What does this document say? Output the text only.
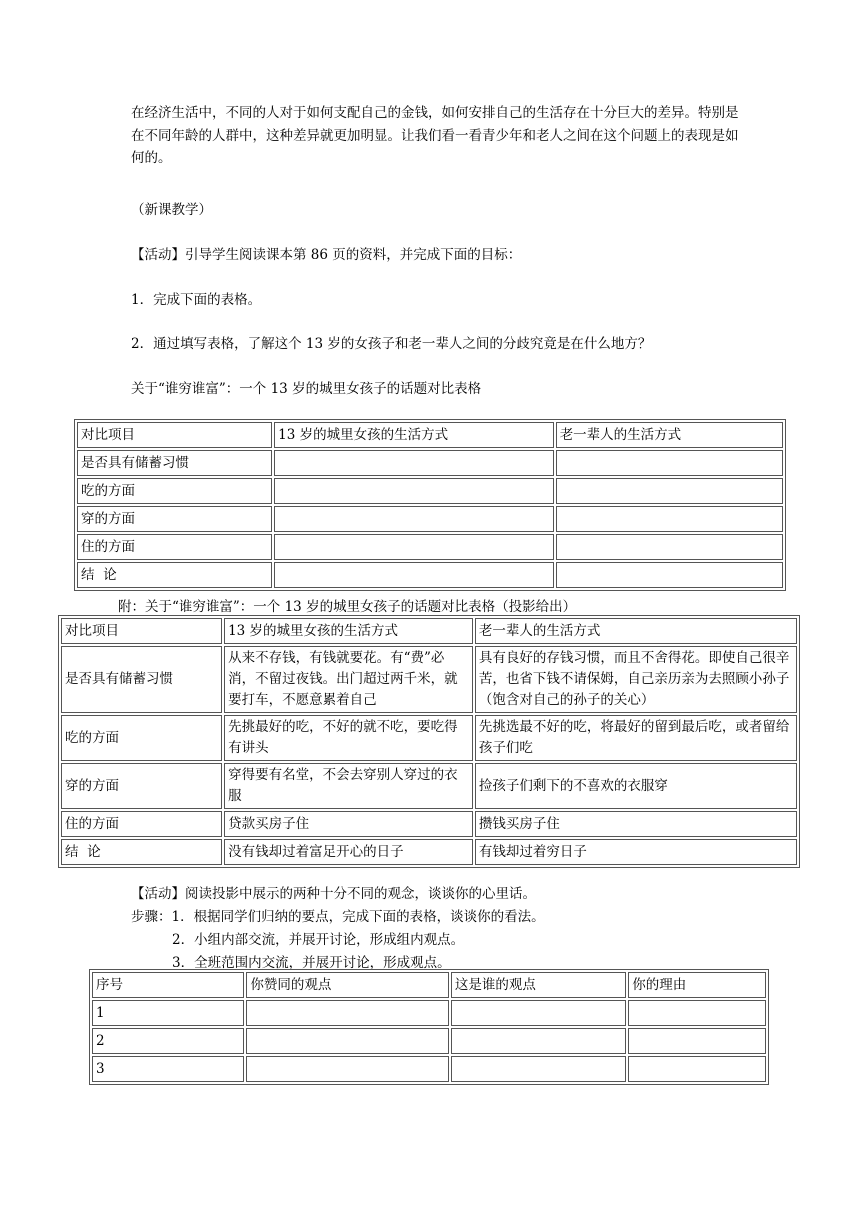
在经济生活中，不同的人对于如何支配自己的金钱，如何安排自己的生活存在十分巨大的差异。特别是在不同年龄的人群中，这种差异就更加明显。让我们看一看青少年和老人之间在这个问题上的表现是如何的。

（新课教学）

【活动】引导学生阅读课本第 86 页的资料，并完成下面的目标：

1．完成下面的表格。

2．通过填写表格，了解这个 13 岁的女孩子和老一辈人之间的分歧究竟是在什么地方？

关于“谁穷谁富”：一个 13 岁的城里女孩子的话题对比表格

对比项目	13 岁的城里女孩的生活方式	老一辈人的生活方式
是否具有储蓄习惯		
吃的方面		
穿的方面		
住的方面		
结  论		

附：关于“谁穷谁富”：一个 13 岁的城里女孩子的话题对比表格（投影给出）

对比项目	13 岁的城里女孩的生活方式	老一辈人的生活方式
是否具有储蓄习惯	从来不存钱，有钱就要花。有“费”必消，不留过夜钱。出门超过两千米，就要打车，不愿意累着自己	具有良好的存钱习惯，而且不舍得花。即使自己很辛苦，也省下钱不请保姆，自己亲历亲为去照顾小孙子（饱含对自己的孙子的关心）
吃的方面	先挑最好的吃，不好的就不吃，要吃得有讲头	先挑选最不好的吃，将最好的留到最后吃，或者留给孩子们吃
穿的方面	穿得要有名堂，不会去穿别人穿过的衣服	捡孩子们剩下的不喜欢的衣服穿
住的方面	贷款买房子住	攒钱买房子住
结  论	没有钱却过着富足开心的日子	有钱却过着穷日子

【活动】阅读投影中展示的两种十分不同的观念，谈谈你的心里话。

步骤：1．根据同学们归纳的要点，完成下面的表格，谈谈你的看法。

2．小组内部交流，并展开讨论，形成组内观点。

3．全班范围内交流，并展开讨论，形成观点。

序号	你赞同的观点	这是谁的观点	你的理由
1			
2			
3			
